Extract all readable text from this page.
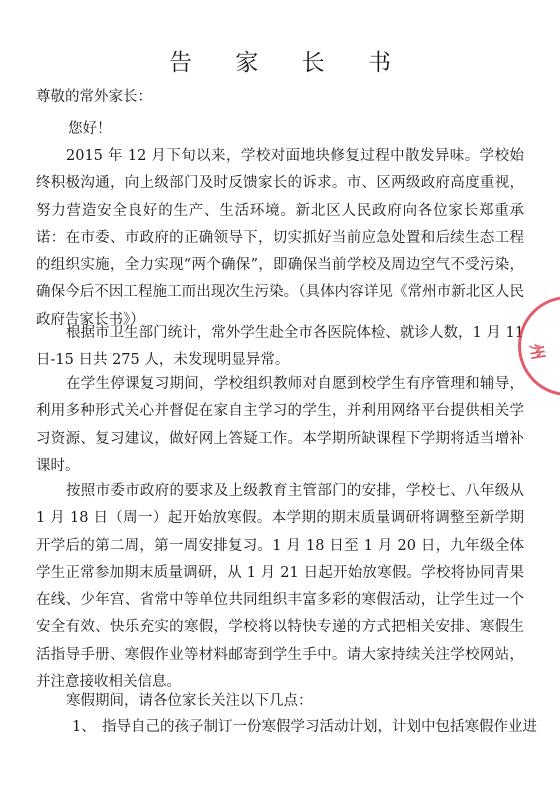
告 家 长 书
尊敬的常外家长：
您好！

2015 年 12 月下旬以来，学校对面地块修复过程中散发异味。学校始终积极沟通，向上级部门及时反馈家长的诉求。市、区两级政府高度重视，努力营造安全良好的生产、生活环境。新北区人民政府向各位家长郑重承诺：在市委、市政府的正确领导下，切实抓好当前应急处置和后续生态工程的组织实施，全力实现“两个确保”，即确保当前学校及周边空气不受污染，确保今后不因工程施工而出现次生污染。（具体内容详见《常州市新北区人民政府告家长书》）

根据市卫生部门统计，常外学生赴全市各医院体检、就诊人数，1 月 11 日-15 日共 275 人，未发现明显异常。

在学生停课复习期间，学校组织教师对自愿到校学生有序管理和辅导，利用多种形式关心并督促在家自主学习的学生，并利用网络平台提供相关学习资源、复习建议，做好网上答疑工作。本学期所缺课程下学期将适当增补课时。

按照市委市政府的要求及上级教育主管部门的安排，学校七、八年级从 1 月 18 日（周一）起开始放寒假。本学期的期末质量调研将调整至新学期开学后的第二周，第一周安排复习。1 月 18 日至 1 月 20 日，九年级全体学生正常参加期末质量调研，从 1 月 21 日起开始放寒假。学校将协同青果在线、少年宫、省常中等单位共同组织丰富多彩的寒假活动，让学生过一个安全有效、快乐充实的寒假，学校将以特快专递的方式把相关安排、寒假生活指导手册、寒假作业等材料邮寄到学生手中。请大家持续关注学校网站，并注意接收相关信息。

寒假期间，请各位家长关注以下几点：

1、 指导自己的孩子制订一份寒假学习活动计划，计划中包括寒假作业进
州
